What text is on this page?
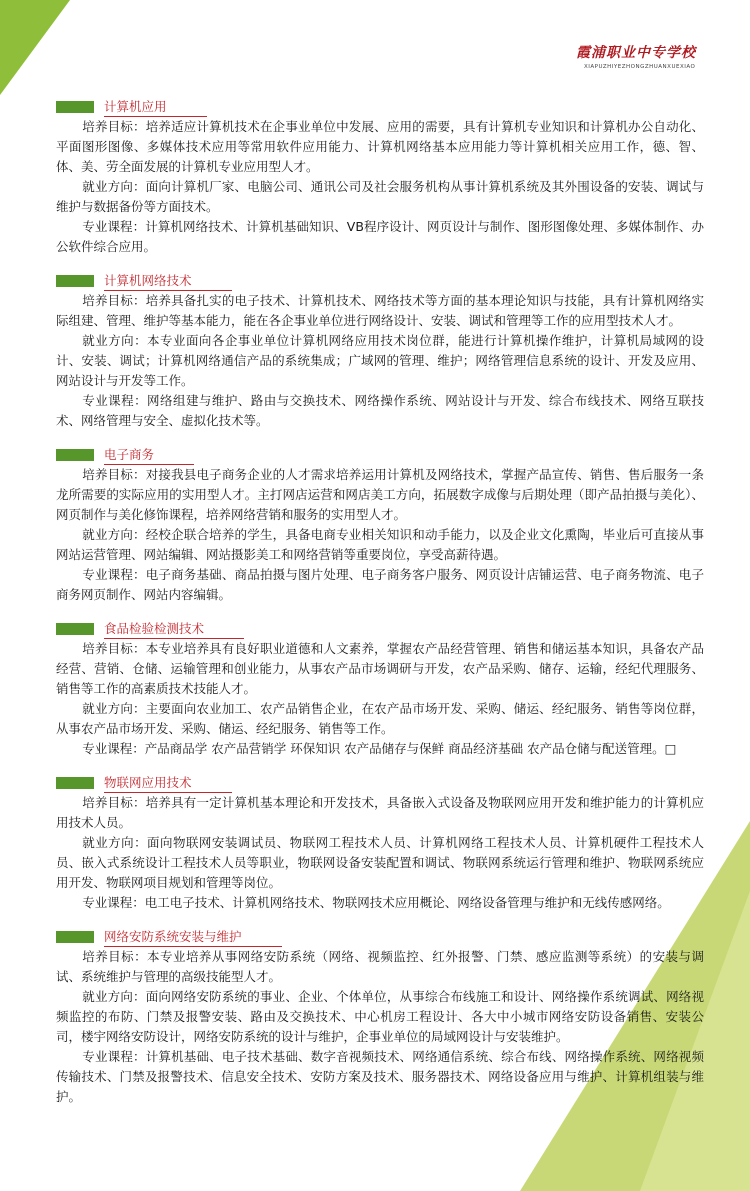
霞浦职业中专学校
XIAPUZHIYEZHONGZHUANXUEXIAO
计算机应用

培养目标：培养适应计算机技术在企事业单位中发展、应用的需要，具有计算机专业知识和计算机办公自动化、平面图形图像、多媒体技术应用等常用软件应用能力、计算机网络基本应用能力等计算机相关应用工作，德、智、体、美、劳全面发展的计算机专业应用型人才。

就业方向：面向计算机厂家、电脑公司、通讯公司及社会服务机构从事计算机系统及其外围设备的安装、调试与维护与数据备份等方面技术。

专业课程：计算机网络技术、计算机基础知识、VB程序设计、网页设计与制作、图形图像处理、多媒体制作、办公软件综合应用。

计算机网络技术

培养目标：培养具备扎实的电子技术、计算机技术、网络技术等方面的基本理论知识与技能，具有计算机网络实际组建、管理、维护等基本能力，能在各企事业单位进行网络设计、安装、调试和管理等工作的应用型技术人才。

就业方向：本专业面向各企事业单位计算机网络应用技术岗位群，能进行计算机操作维护，计算机局域网的设计、安装、调试；计算机网络通信产品的系统集成；广域网的管理、维护；网络管理信息系统的设计、开发及应用、网站设计与开发等工作。

专业课程：网络组建与维护、路由与交换技术、网络操作系统、网站设计与开发、综合布线技术、网络互联技术、网络管理与安全、虚拟化技术等。

电子商务

培养目标：对接我县电子商务企业的人才需求培养运用计算机及网络技术，掌握产品宣传、销售、售后服务一条龙所需要的实际应用的实用型人才。主打网店运营和网店美工方向，拓展数字成像与后期处理（即产品拍摄与美化）、网页制作与美化修饰课程，培养网络营销和服务的实用型人才。

就业方向：经校企联合培养的学生，具备电商专业相关知识和动手能力，以及企业文化熏陶，毕业后可直接从事网站运营管理、网站编辑、网站摄影美工和网络营销等重要岗位，享受高薪待遇。

专业课程：电子商务基础、商品拍摄与图片处理、电子商务客户服务、网页设计店铺运营、电子商务物流、电子商务网页制作、网站内容编辑。

食品检验检测技术

培养目标：本专业培养具有良好职业道德和人文素养，掌握农产品经营管理、销售和储运基本知识，具备农产品经营、营销、仓储、运输管理和创业能力，从事农产品市场调研与开发，农产品采购、储存、运输，经纪代理服务、销售等工作的高素质技术技能人才。

就业方向：主要面向农业加工、农产品销售企业，在农产品市场开发、采购、储运、经纪服务、销售等岗位群，从事农产品市场开发、采购、储运、经纪服务、销售等工作。

专业课程：产品商品学 农产品营销学 环保知识 农产品储存与保鲜 商品经济基础 农产品仓储与配送管理。□

物联网应用技术

培养目标：培养具有一定计算机基本理论和开发技术，具备嵌入式设备及物联网应用开发和维护能力的计算机应用技术人员。

就业方向：面向物联网安装调试员、物联网工程技术人员、计算机网络工程技术人员、计算机硬件工程技术人员、嵌入式系统设计工程技术人员等职业，物联网设备安装配置和调试、物联网系统运行管理和维护、物联网系统应用开发、物联网项目规划和管理等岗位。

专业课程：电工电子技术、计算机网络技术、物联网技术应用概论、网络设备管理与维护和无线传感网络。

网络安防系统安装与维护

培养目标：本专业培养从事网络安防系统（网络、视频监控、红外报警、门禁、感应监测等系统）的安装与调试、系统维护与管理的高级技能型人才。

就业方向：面向网络安防系统的事业、企业、个体单位，从事综合布线施工和设计、网络操作系统调试、网络视频监控的布防、门禁及报警安装、路由及交换技术、中心机房工程设计、各大中小城市网络安防设备销售、安装公司，楼宇网络安防设计，网络安防系统的设计与维护，企事业单位的局域网设计与安装维护。

专业课程：计算机基础、电子技术基础、数字音视频技术、网络通信系统、综合布线、网络操作系统、网络视频传输技术、门禁及报警技术、信息安全技术、安防方案及技术、服务器技术、网络设备应用与维护、计算机组装与维护。
